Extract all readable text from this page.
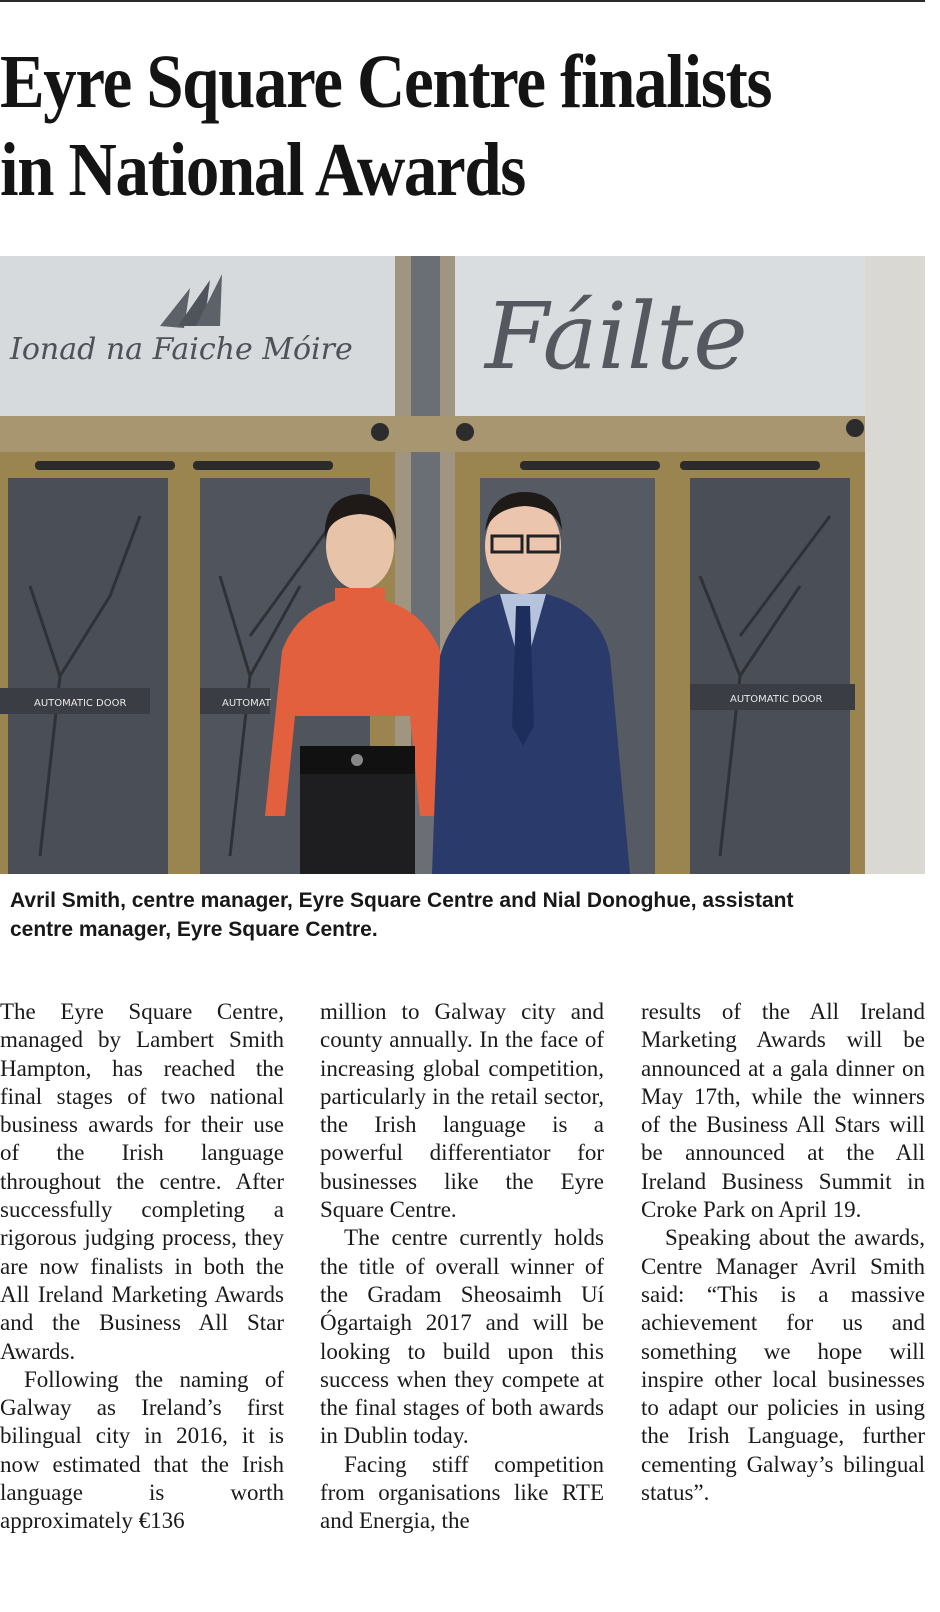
Eyre Square Centre finalists
in National Awards
Ionad na Faiche Móire Fáilte
AUTOMATIC DOOR	AUTOMAT	AUTOMATIC DOOR

Avril Smith, centre manager, Eyre Square Centre and Nial Donoghue, assistant
centre manager, Eyre Square Centre.

The Eyre Square Centre, managed by Lambert Smith Hampton, has reached the final stages of two national business awards for their use of the Irish language throughout the centre. After successfully completing a rigorous judging process, they are now finalists in both the All Ireland Marketing Awards and the Business All Star Awards.

Following the naming of Galway as Ireland’s first bilingual city in 2016, it is now estimated that the Irish language is worth approximately €136

million to Galway city and county annually. In the face of increasing global competition, particularly in the retail sector, the Irish language is a powerful differentiator for businesses like the Eyre Square Centre.

The centre currently holds the title of overall winner of the Gradam Sheosaimh Uí Ógartaigh 2017 and will be looking to build upon this success when they compete at the final stages of both awards in Dublin today.

Facing stiff competition from organisations like RTE and Energia, the

results of the All Ireland Marketing Awards will be announced at a gala dinner on May 17th, while the winners of the Business All Stars will be announced at the All Ireland Business Summit in Croke Park on April 19.

Speaking about the awards, Centre Manager Avril Smith said: “This is a massive achievement for us and something we hope will inspire other local businesses to adapt our policies in using the Irish Language, further cementing Galway’s bilingual status”.
